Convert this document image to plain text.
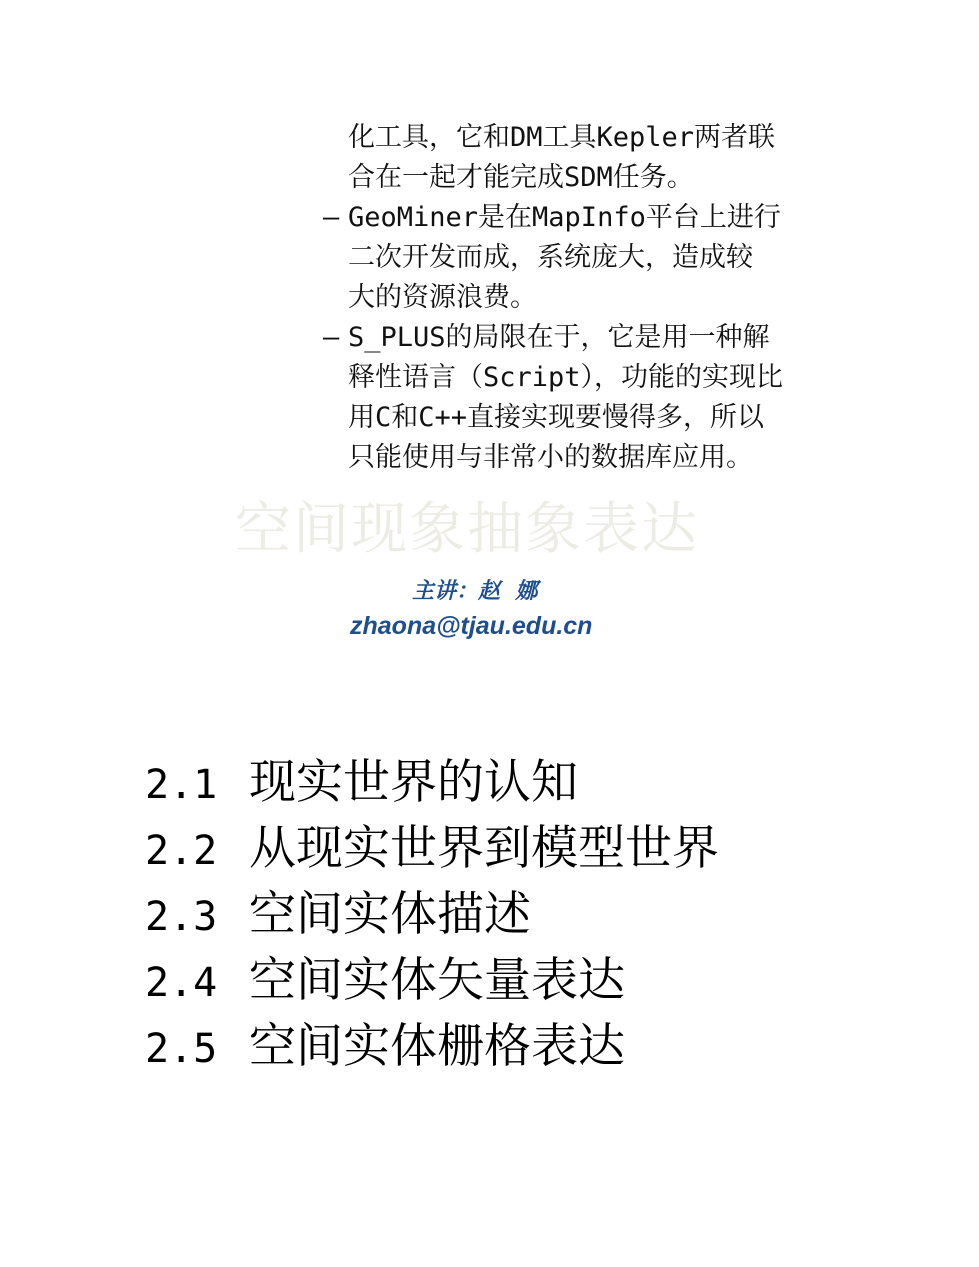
化工具，它和DM工具Kepler两者联
合在一起才能完成SDM任务。
– GeoMiner是在MapInfo平台上进行
二次开发而成，系统庞大，造成较
大的资源浪费。
– S_PLUS的局限在于，它是用一种解
释性语言（Script），功能的实现比
用C和C++直接实现要慢得多，所以
只能使用与非常小的数据库应用。
空间现象抽象表达
主讲：赵  娜
zhaona@tjau.edu.cn
2.1 现实世界的认知
2.2 从现实世界到模型世界
2.3 空间实体描述
2.4 空间实体矢量表达
2.5 空间实体栅格表达
